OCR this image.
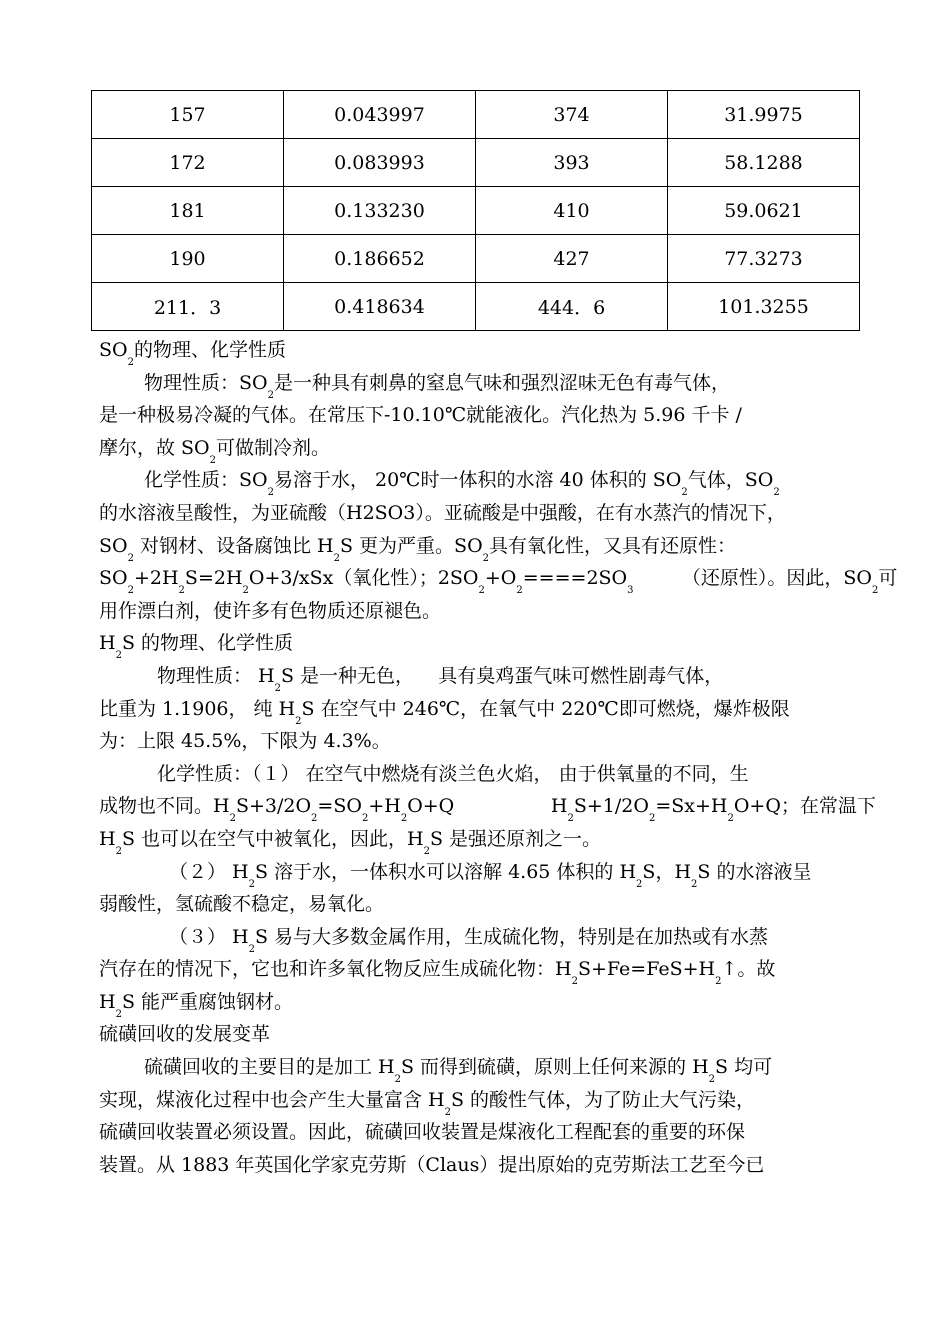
157	0.043997	374	31.9975
172	0.083993	393	58.1288
181	0.133230	410	59.0621
190	0.186652	427	77.3273
211．3	0.418634	444．6	101.3255
$SO_2$的物理、化学性质
物理性质：$SO_2$是一种具有刺鼻的窒息气味和强烈涩味无色有毒气体，
是一种极易冷凝的气体。在常压下-10.10℃就能液化。汽化热为 5.96 千卡 /
摩尔，故 $SO_2$可做制冷剂。
化学性质：$SO_2$易溶于水， 20℃时一体积的水溶 40 体积的 $SO_2$气体，$SO_2$
的水溶液呈酸性，为亚硫酸（H2SO3）。亚硫酸是中强酸，在有水蒸汽的情况下，
$SO_2$ 对钢材、设备腐蚀比 $H_2S$ 更为严重。$SO_2$具有氧化性，又具有还原性：
$SO_2+2H_2S=2H_2O+3/xSx$（氧化性）；$2SO_2+O_2====2SO_3$        （还原性）。因此，$SO_2$可
用作漂白剂，使许多有色物质还原褪色。
$H_2S$ 的物理、化学性质
物理性质： $H_2S$ 是一种无色，    具有臭鸡蛋气味可燃性剧毒气体，
比重为 1.1906， 纯 $H_2S$ 在空气中 246℃，在氧气中 220℃即可燃烧，爆炸极限
为：上限 45.5%，下限为 4.3%。
化学性质：（１） 在空气中燃烧有淡兰色火焰， 由于供氧量的不同，生
成物也不同。$H_2S+3/2O_2=SO_2+H_2O+Q$                $H_2S+1/2O_2=Sx+H_2O+Q$；在常温下
$H_2S$ 也可以在空气中被氧化，因此，$H_2S$ 是强还原剂之一。
（２） $H_2S$ 溶于水，一体积水可以溶解 4.65 体积的 $H_2S$，$H_2S$ 的水溶液呈
弱酸性，氢硫酸不稳定，易氧化。
（３） $H_2S$ 易与大多数金属作用，生成硫化物，特别是在加热或有水蒸
汽存在的情况下，它也和许多氧化物反应生成硫化物：$H_2S+Fe=FeS+H_2↑$。故
$H_2S$ 能严重腐蚀钢材。
硫磺回收的发展变革
硫磺回收的主要目的是加工 $H_2S$ 而得到硫磺，原则上任何来源的 $H_2S$ 均可
实现，煤液化过程中也会产生大量富含 $H_2S$ 的酸性气体，为了防止大气污染，
硫磺回收装置必须设置。因此，硫磺回收装置是煤液化工程配套的重要的环保
装置。从 1883 年英国化学家克劳斯（Claus）提出原始的克劳斯法工艺至今已
